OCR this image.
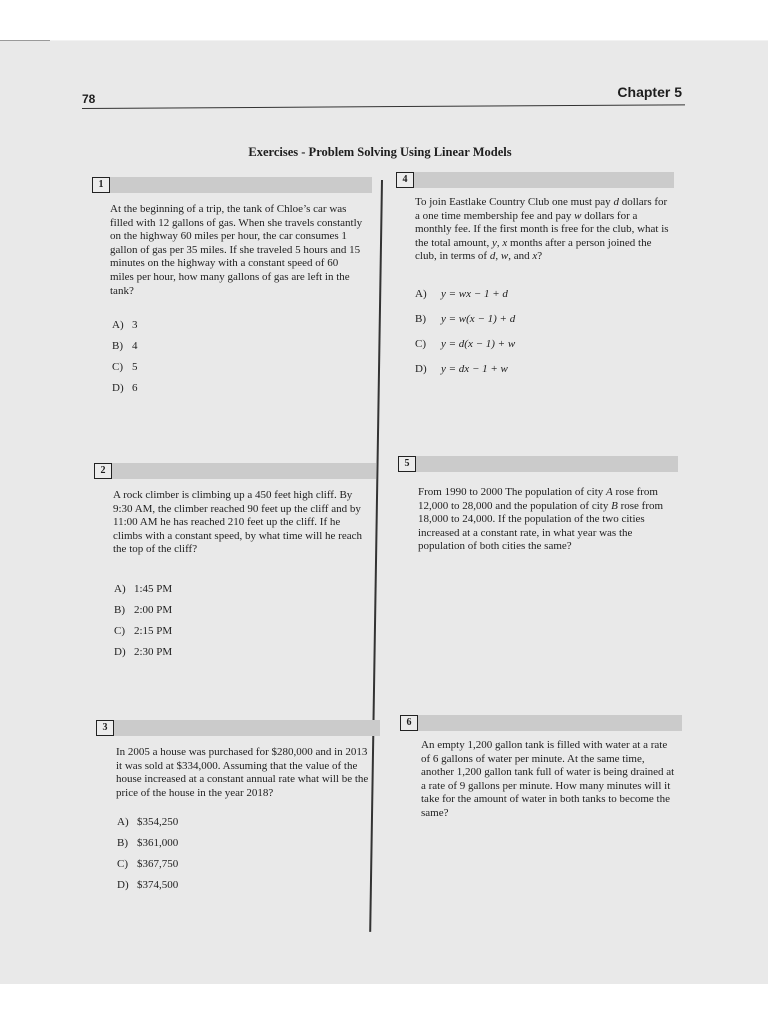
78	Chapter 5
Exercises - Problem Solving Using Linear Models
1
At the beginning of a trip, the tank of Chloe’s car was filled with 12 gallons of gas. When she travels constantly on the highway 60 miles per hour, the car consumes 1 gallon of gas per 35 miles. If she traveled 5 hours and 15 minutes on the highway with a constant speed of 60 miles per hour, how many gallons of gas are left in the tank?
A) 3
B) 4
C) 5
D) 6
2
A rock climber is climbing up a 450 feet high cliff. By 9:30 AM, the climber reached 90 feet up the cliff and by 11:00 AM he has reached 210 feet up the cliff. If he climbs with a constant speed, by what time will he reach the top of the cliff?
A) 1:45 PM
B) 2:00 PM
C) 2:15 PM
D) 2:30 PM
3
In 2005 a house was purchased for $280,000 and in 2013 it was sold at $334,000. Assuming that the value of the house increased at a constant annual rate what will be the price of the house in the year 2018?
A) $354,250
B) $361,000
C) $367,750
D) $374,500
4
To join Eastlake Country Club one must pay d dollars for a one time membership fee and pay w dollars for a monthly fee. If the first month is free for the club, what is the total amount, y, x months after a person joined the club, in terms of d, w, and x?
A) y = wx − 1 + d
B) y = w(x − 1) + d
C) y = d(x − 1) + w
D) y = dx − 1 + w
5
From 1990 to 2000 The population of city A rose from 12,000 to 28,000 and the population of city B rose from 18,000 to 24,000. If the population of the two cities increased at a constant rate, in what year was the population of both cities the same?
6
An empty 1,200 gallon tank is filled with water at a rate of 6 gallons of water per minute. At the same time, another 1,200 gallon tank full of water is being drained at a rate of 9 gallons per minute. How many minutes will it take for the amount of water in both tanks to become the same?
